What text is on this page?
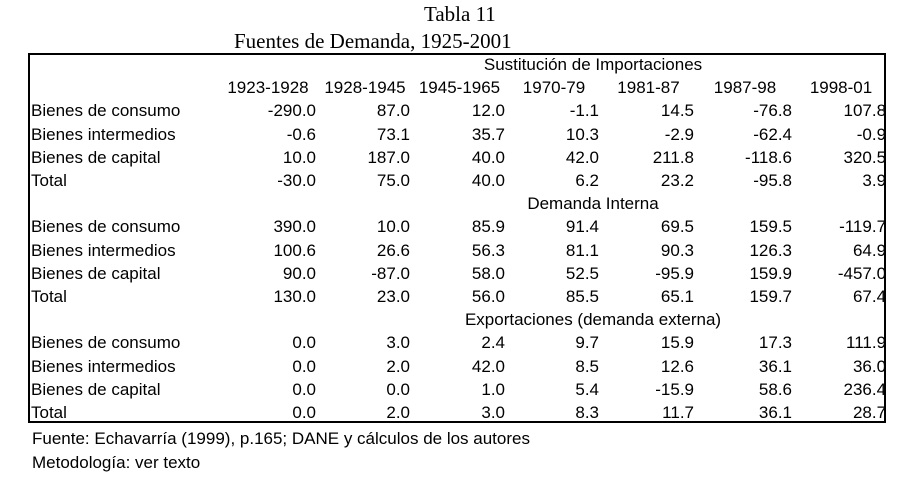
Tabla 11
Fuentes de Demanda, 1925-2001
	Sustitución de Importaciones						
	1923-1928	1928-1945	1945-1965	1970-79	1981-87	1987-98	1998-01
Bienes de consumo	-290.0	87.0	12.0	-1.1	14.5	-76.8	107.8
Bienes intermedios	-0.6	73.1	35.7	10.3	-2.9	-62.4	-0.9
Bienes de capital	10.0	187.0	40.0	42.0	211.8	-118.6	320.5
Total	-30.0	75.0	40.0	6.2	23.2	-95.8	3.9
	Demanda Interna						
Bienes de consumo	390.0	10.0	85.9	91.4	69.5	159.5	-119.7
Bienes intermedios	100.6	26.6	56.3	81.1	90.3	126.3	64.9
Bienes de capital	90.0	-87.0	58.0	52.5	-95.9	159.9	-457.0
Total	130.0	23.0	56.0	85.5	65.1	159.7	67.4
	Exportaciones (demanda externa)						
Bienes de consumo	0.0	3.0	2.4	9.7	15.9	17.3	111.9
Bienes intermedios	0.0	2.0	42.0	8.5	12.6	36.1	36.0
Bienes de capital	0.0	0.0	1.0	5.4	-15.9	58.6	236.4
Total	0.0	2.0	3.0	8.3	11.7	36.1	28.7
Fuente: Echavarría (1999), p.165; DANE y cálculos de los autores
Metodología: ver texto
